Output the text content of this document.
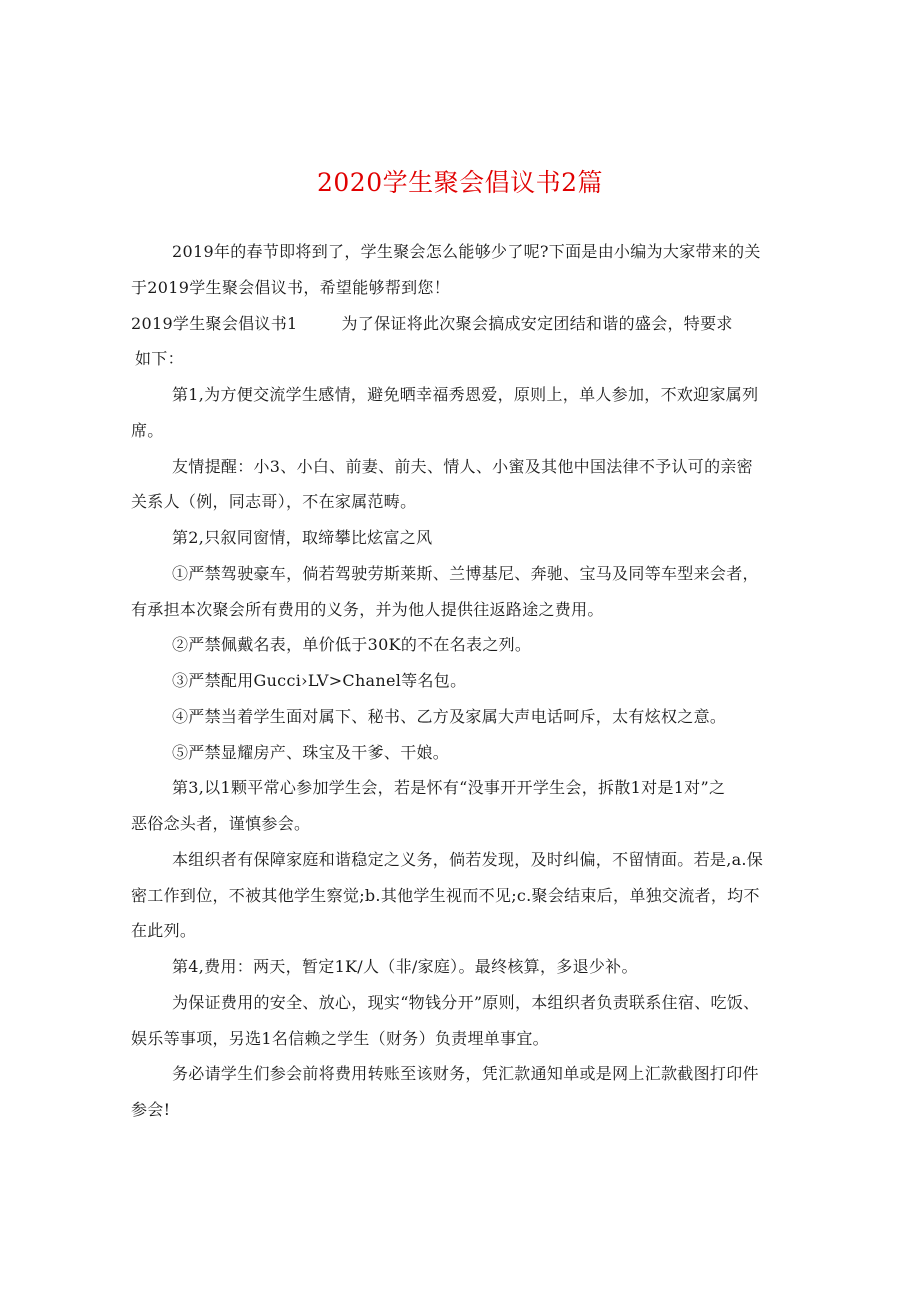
2020学生聚会倡议书2篇
2019年的春节即将到了，学生聚会怎么能够少了呢?下面是由小编为大家带来的关
于2019学生聚会倡议书，希望能够帮到您！
2019学生聚会倡议书1	为了保证将此次聚会搞成安定团结和谐的盛会，特要求
如下：
第1,为方便交流学生感情，避免晒幸福秀恩爱，原则上，单人参加，不欢迎家属列
席。
友情提醒：小3、小白、前妻、前夫、情人、小蜜及其他中国法律不予认可的亲密
关系人（例，同志哥），不在家属范畴。
第2,只叙同窗情，取缔攀比炫富之风
①严禁驾驶豪车，倘若驾驶劳斯莱斯、兰博基尼、奔驰、宝马及同等车型来会者，
有承担本次聚会所有费用的义务，并为他人提供往返路途之费用。
②严禁佩戴名表，单价低于30K的不在名表之列。
③严禁配用Gucci›LV>Chanel等名包。
④严禁当着学生面对属下、秘书、乙方及家属大声电话呵斥，太有炫权之意。
⑤严禁显耀房产、珠宝及干爹、干娘。
第3,以1颗平常心参加学生会，若是怀有“没事开开学生会，拆散1对是1对”之
恶俗念头者，谨慎参会。
本组织者有保障家庭和谐稳定之义务，倘若发现，及时纠偏，不留情面。若是,a.保
密工作到位，不被其他学生察觉;b.其他学生视而不见;c.聚会结束后，单独交流者，均不
在此列。
第4,费用：两天，暂定1K/人（非/家庭）。最终核算，多退少补。
为保证费用的安全、放心，现实“物钱分开”原则，本组织者负责联系住宿、吃饭、
娱乐等事项，另选1名信赖之学生（财务）负责埋单事宜。
务必请学生们参会前将费用转账至该财务，凭汇款通知单或是网上汇款截图打印件
参会!
